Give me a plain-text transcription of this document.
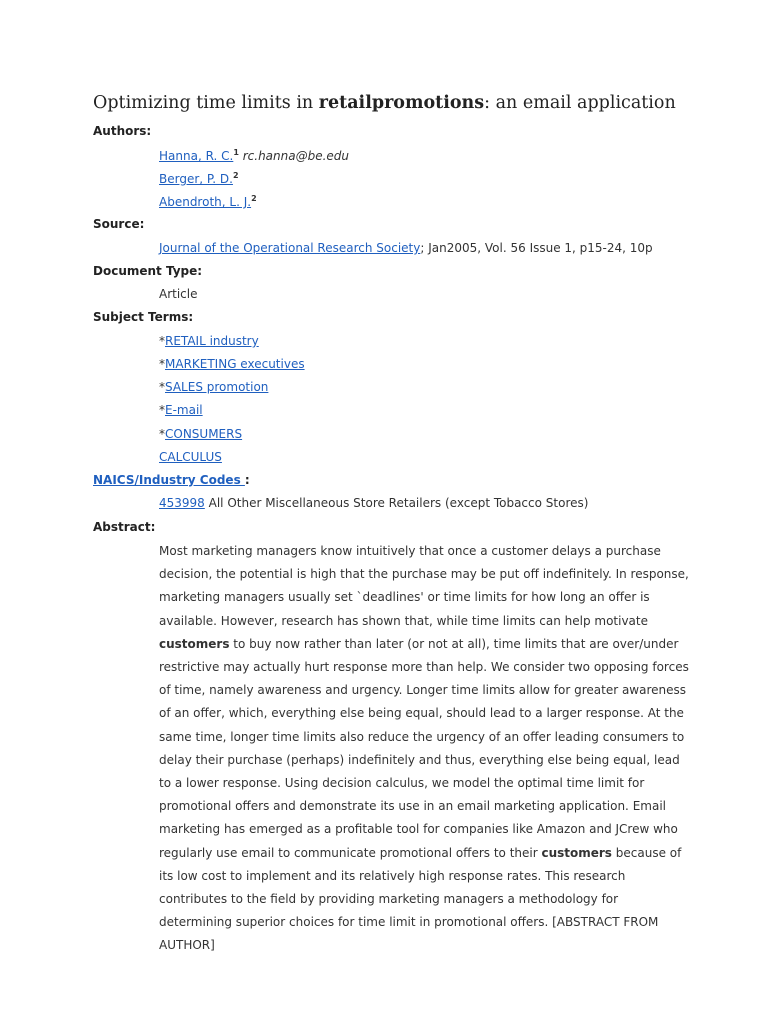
Optimizing time limits in retailpromotions: an email application
Authors:
Hanna, R. C.$^1$ rc.hanna@be.edu
Berger, P. D.$^2$
Abendroth, L. J.$^2$
Source:
Journal of the Operational Research Society; Jan2005, Vol. 56 Issue 1, p15-24, 10p
Document Type:
Article
Subject Terms:
*RETAIL industry
*MARKETING executives
*SALES promotion
*E-mail
*CONSUMERS
CALCULUS
NAICS/Industry Codes :
453998 All Other Miscellaneous Store Retailers (except Tobacco Stores)
Abstract:
Most marketing managers know intuitively that once a customer delays a purchase
decision, the potential is high that the purchase may be put off indefinitely. In response,
marketing managers usually set `deadlines' or time limits for how long an offer is
available. However, research has shown that, while time limits can help motivate
customers to buy now rather than later (or not at all), time limits that are over/under
restrictive may actually hurt response more than help. We consider two opposing forces
of time, namely awareness and urgency. Longer time limits allow for greater awareness
of an offer, which, everything else being equal, should lead to a larger response. At the
same time, longer time limits also reduce the urgency of an offer leading consumers to
delay their purchase (perhaps) indefinitely and thus, everything else being equal, lead
to a lower response. Using decision calculus, we model the optimal time limit for
promotional offers and demonstrate its use in an email marketing application. Email
marketing has emerged as a profitable tool for companies like Amazon and JCrew who
regularly use email to communicate promotional offers to their customers because of
its low cost to implement and its relatively high response rates. This research
contributes to the field by providing marketing managers a methodology for
determining superior choices for time limit in promotional offers. [ABSTRACT FROM
AUTHOR]
